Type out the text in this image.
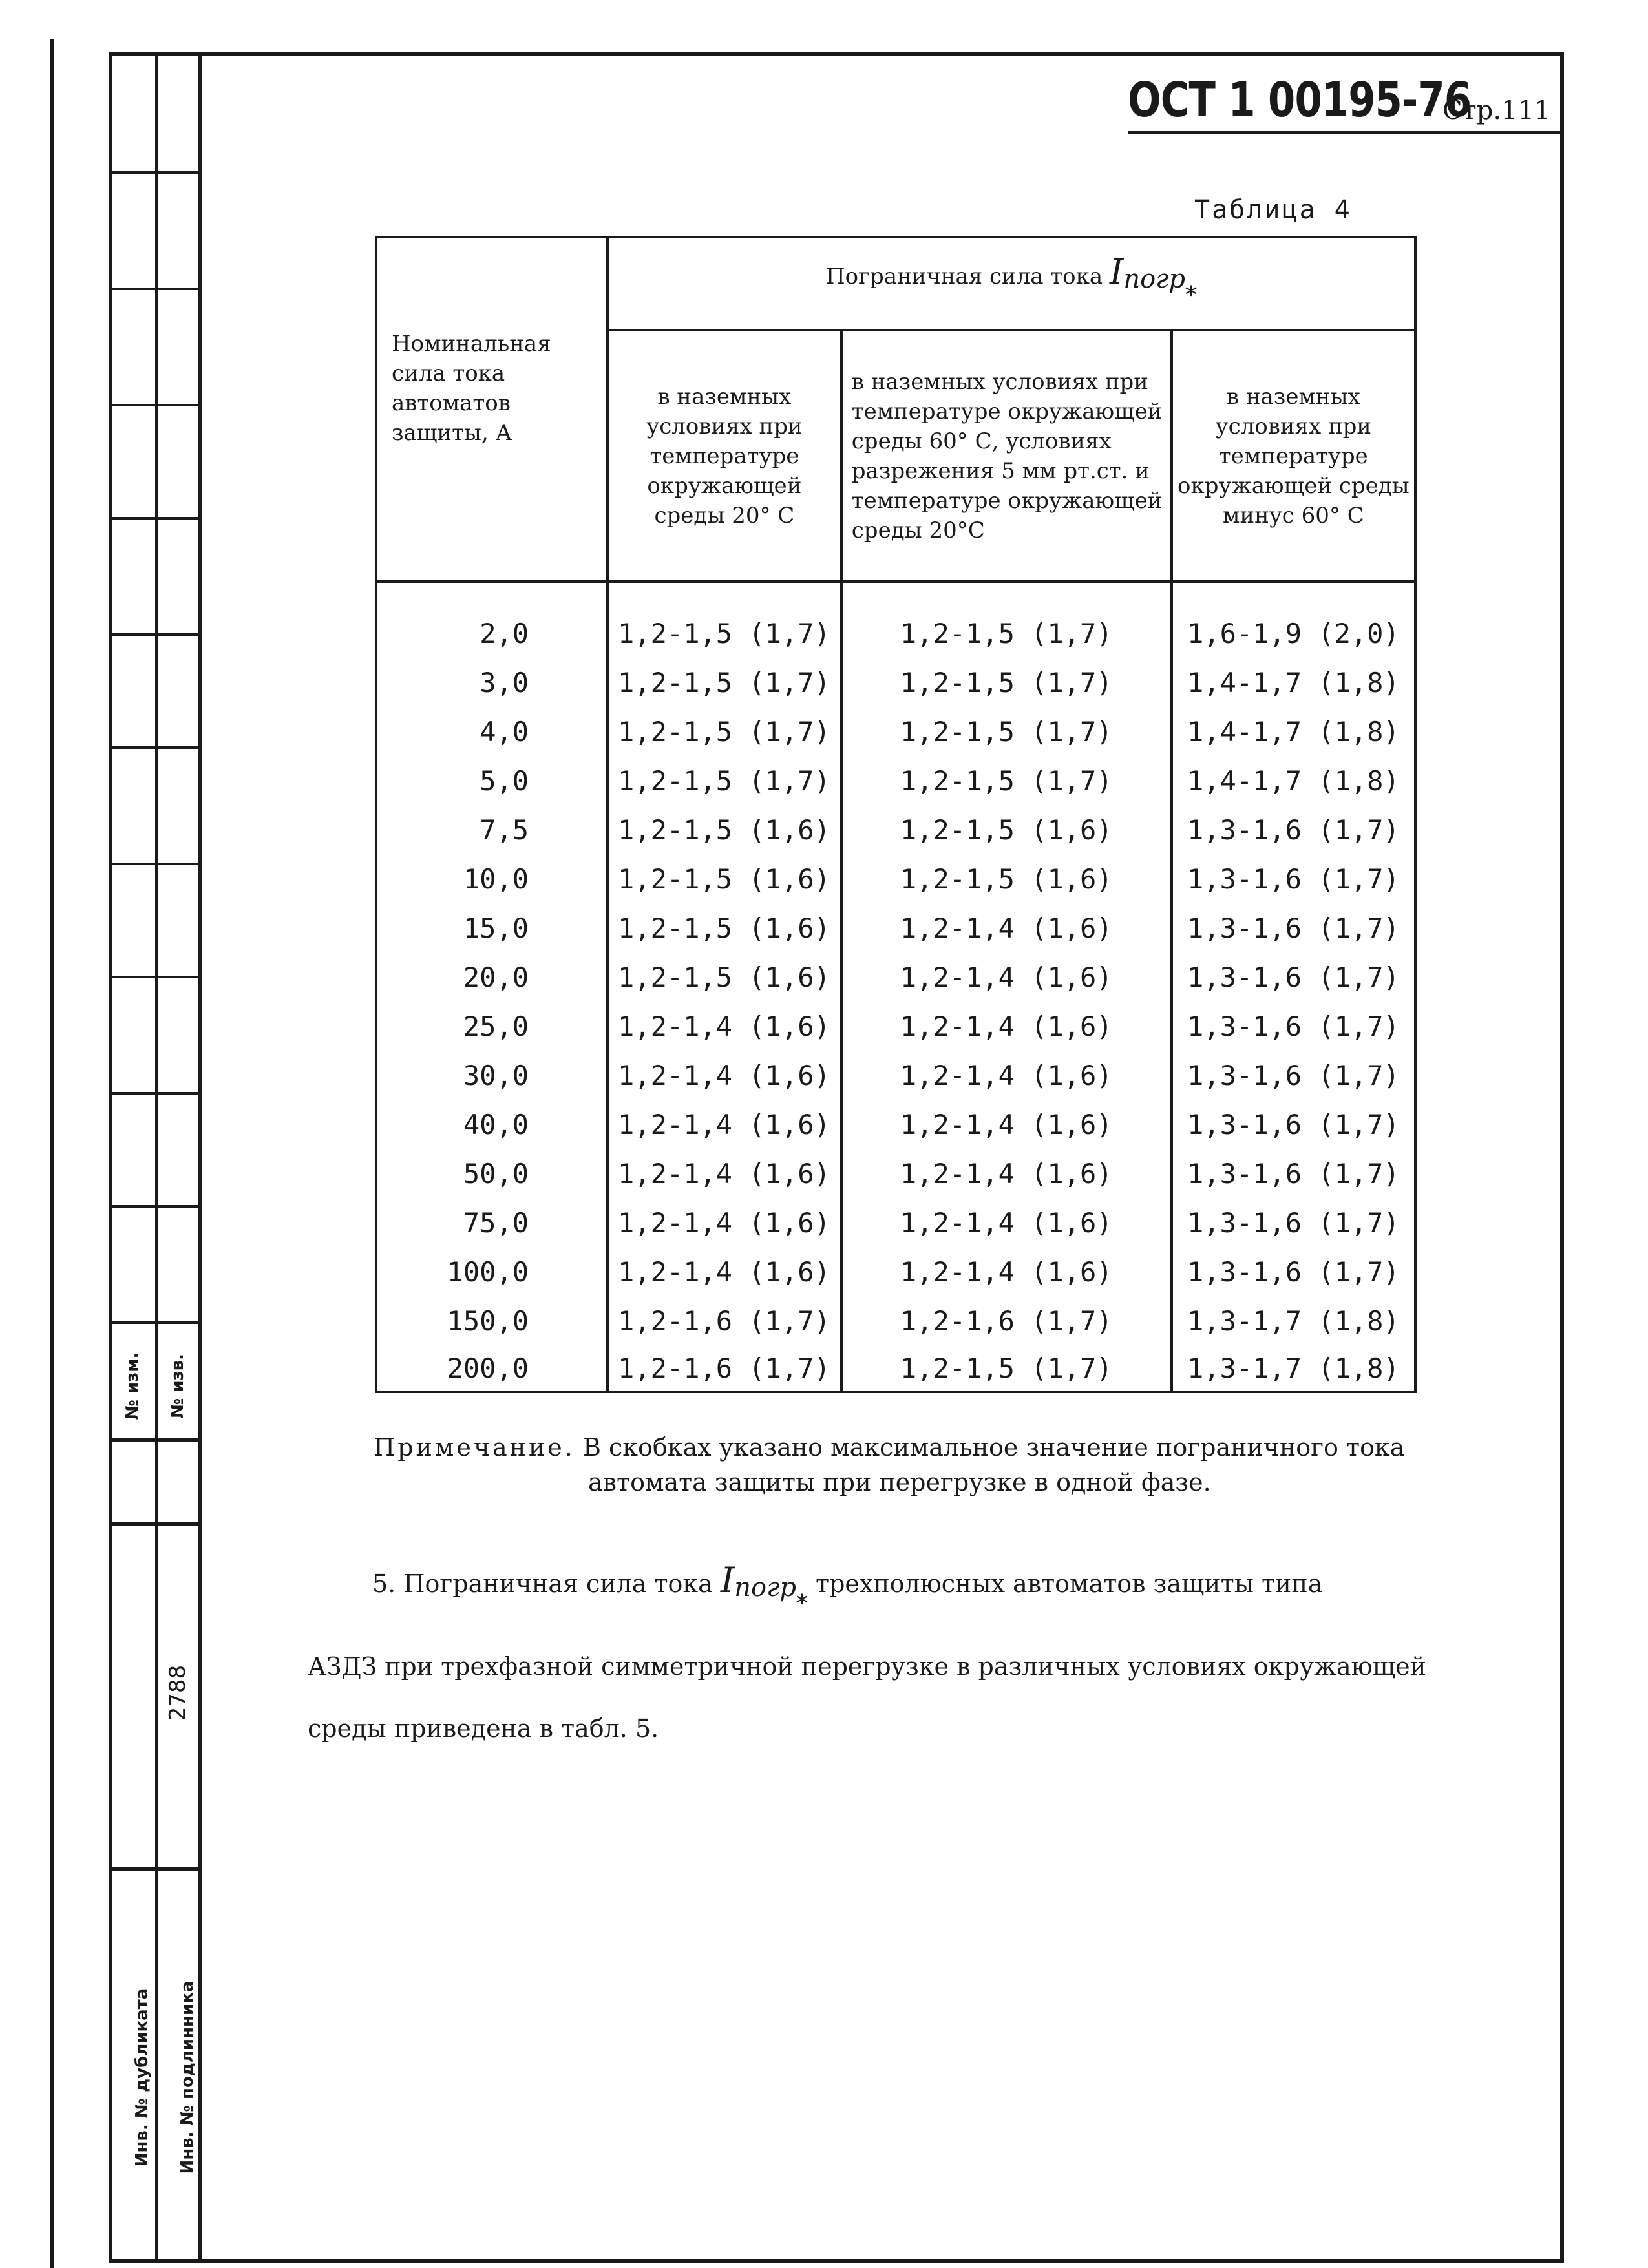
№ изм. № изв.
2788
Инв. № дубликата Инв. № подлинника
ОСТ 1 00195-76
Стр.111
Таблица 4
Номинальная сила тока автоматов защиты, А	Пограничная сила тока Iпогр*		
	в наземных условиях при температуре окружающей среды 20° С	в наземных условиях при температуре окружающей среды 60° С, условиях разрежения 5 мм рт.ст. и температуре окружающей среды 20°С	в наземных условиях при температуре окружающей среды минус 60° С
2,0	1,2-1,5 (1,7)	1,2-1,5 (1,7)	1,6-1,9 (2,0)
3,0	1,2-1,5 (1,7)	1,2-1,5 (1,7)	1,4-1,7 (1,8)
4,0	1,2-1,5 (1,7)	1,2-1,5 (1,7)	1,4-1,7 (1,8)
5,0	1,2-1,5 (1,7)	1,2-1,5 (1,7)	1,4-1,7 (1,8)
7,5	1,2-1,5 (1,6)	1,2-1,5 (1,6)	1,3-1,6 (1,7)
10,0	1,2-1,5 (1,6)	1,2-1,5 (1,6)	1,3-1,6 (1,7)
15,0	1,2-1,5 (1,6)	1,2-1,4 (1,6)	1,3-1,6 (1,7)
20,0	1,2-1,5 (1,6)	1,2-1,4 (1,6)	1,3-1,6 (1,7)
25,0	1,2-1,4 (1,6)	1,2-1,4 (1,6)	1,3-1,6 (1,7)
30,0	1,2-1,4 (1,6)	1,2-1,4 (1,6)	1,3-1,6 (1,7)
40,0	1,2-1,4 (1,6)	1,2-1,4 (1,6)	1,3-1,6 (1,7)
50,0	1,2-1,4 (1,6)	1,2-1,4 (1,6)	1,3-1,6 (1,7)
75,0	1,2-1,4 (1,6)	1,2-1,4 (1,6)	1,3-1,6 (1,7)
100,0	1,2-1,4 (1,6)	1,2-1,4 (1,6)	1,3-1,6 (1,7)
150,0	1,2-1,6 (1,7)	1,2-1,6 (1,7)	1,3-1,7 (1,8)
200,0	1,2-1,6 (1,7)	1,2-1,5 (1,7)	1,3-1,7 (1,8)
Примечание. В скобках указано максимальное значение пограничного тока
автомата защиты при перегрузке в одной фазе.
5. Пограничная сила тока Iпогр* трехполюсных автоматов защиты типа
АЗДЗ при трехфазной симметричной перегрузке в различных условиях окружающей
среды приведена в табл. 5.
